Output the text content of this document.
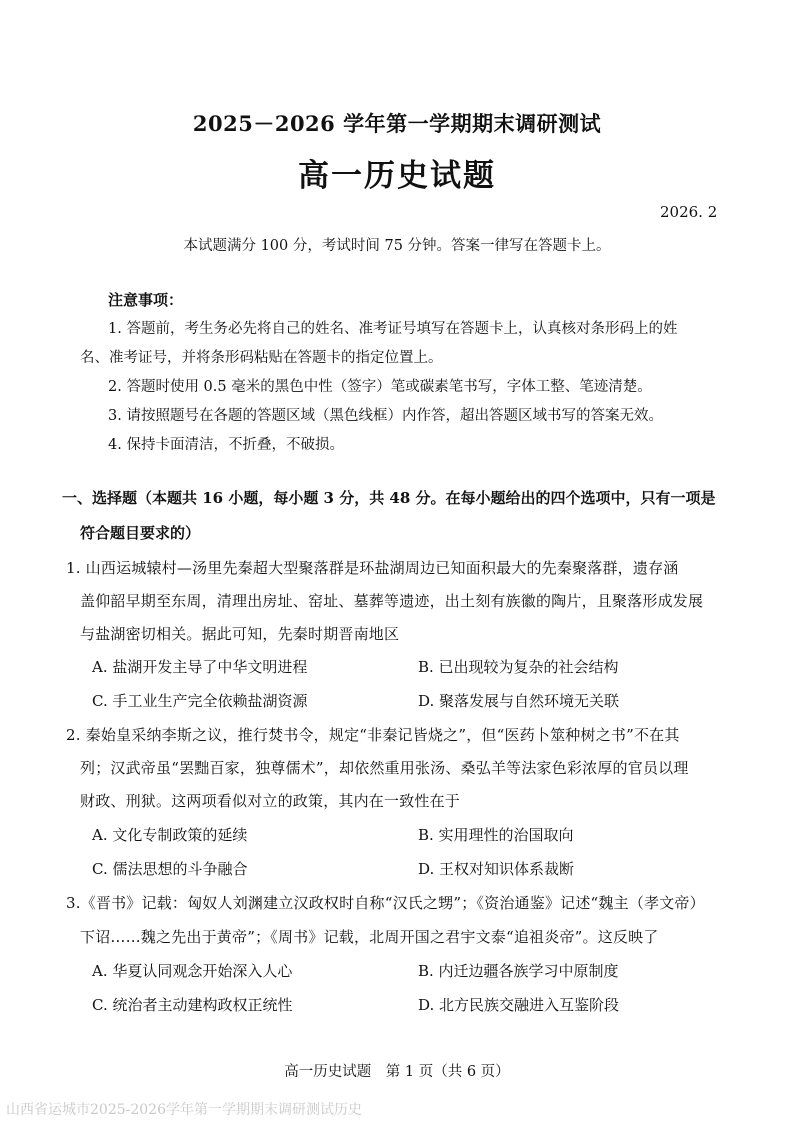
2025－2026 学年第一学期期末调研测试
高一历史试题
2026. 2
本试题满分 100 分，考试时间 75 分钟。答案一律写在答题卡上。
注意事项：
1. 答题前，考生务必先将自己的姓名、准考证号填写在答题卡上，认真核对条形码上的姓
名、准考证号，并将条形码粘贴在答题卡的指定位置上。
2. 答题时使用 0.5 毫米的黑色中性（签字）笔或碳素笔书写，字体工整、笔迹清楚。
3. 请按照题号在各题的答题区域（黑色线框）内作答，超出答题区域书写的答案无效。
4. 保持卡面清洁，不折叠，不破损。
一、选择题（本题共 16 小题，每小题 3 分，共 48 分。在每小题给出的四个选项中，只有一项是
符合题目要求的）
1. 山西运城辕村—汤里先秦超大型聚落群是环盐湖周边已知面积最大的先秦聚落群，遗存涵
盖仰韶早期至东周，清理出房址、窑址、墓葬等遗迹，出土刻有族徽的陶片，且聚落形成发展
与盐湖密切相关。据此可知，先秦时期晋南地区
A. 盐湖开发主导了中华文明进程	B. 已出现较为复杂的社会结构
C. 手工业生产完全依赖盐湖资源	D. 聚落发展与自然环境无关联
2. 秦始皇采纳李斯之议，推行焚书令，规定“非秦记皆烧之”，但“医药卜筮种树之书”不在其
列；汉武帝虽“罢黜百家，独尊儒术”，却依然重用张汤、桑弘羊等法家色彩浓厚的官员以理
财政、刑狱。这两项看似对立的政策，其内在一致性在于
A. 文化专制政策的延续	B. 实用理性的治国取向
C. 儒法思想的斗争融合	D. 王权对知识体系裁断
3.《晋书》记载：匈奴人刘渊建立汉政权时自称“汉氏之甥”；《资治通鉴》记述“魏主（孝文帝）
下诏……魏之先出于黄帝”；《周书》记载，北周开国之君宇文泰“追祖炎帝”。这反映了
A. 华夏认同观念开始深入人心	B. 内迁边疆各族学习中原制度
C. 统治者主动建构政权正统性	D. 北方民族交融进入互鉴阶段
高一历史试题　第 1 页（共 6 页）
山西省运城市2025-2026学年第一学期期末调研测试历史
